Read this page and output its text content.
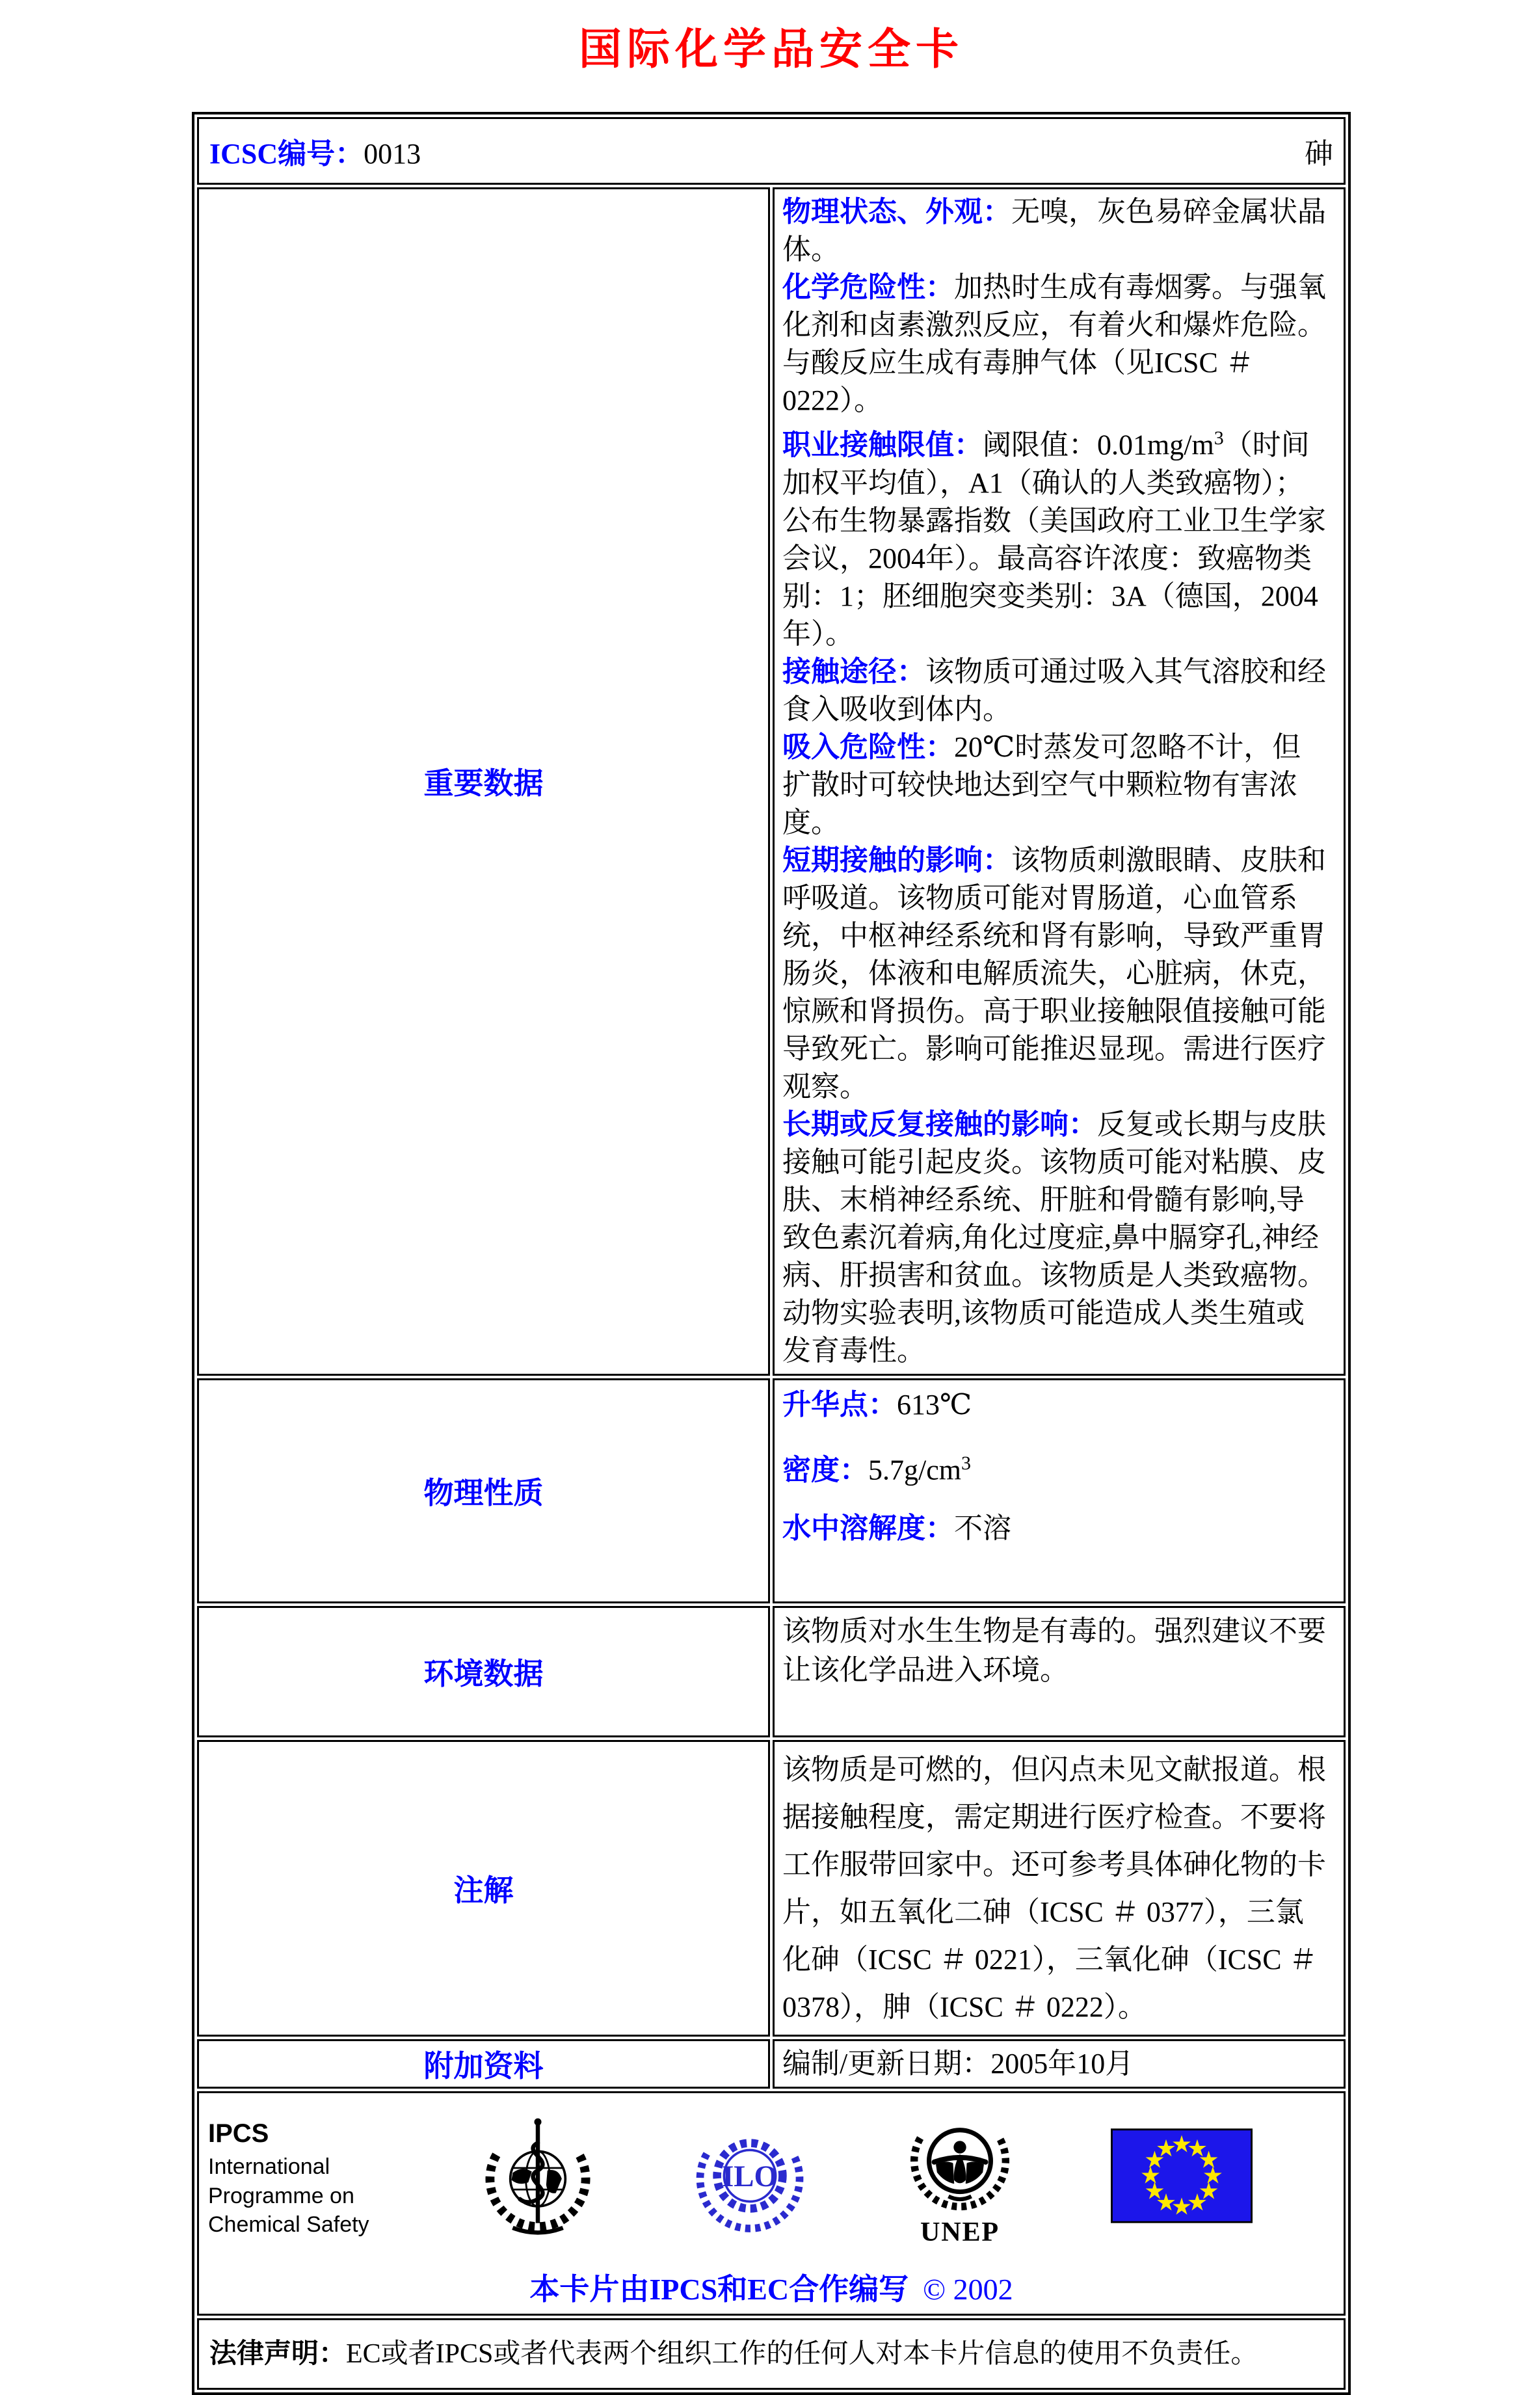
国际化学品安全卡
ICSC编号：0013 砷	

重要数据	

物理状态、外观：无嗅，灰色易碎金属状晶体。

化学危险性：加热时生成有毒烟雾。与强氧化剂和卤素激烈反应，有着火和爆炸危险。与酸反应生成有毒胂气体（见ICSC ＃ 0222）。

职业接触限值：阈限值：$0.01mg/m^3$（时间加权平均值），A1（确认的人类致癌物）；公布生物暴露指数（美国政府工业卫生学家会议，2004年）。最高容许浓度：致癌物类别：1；胚细胞突变类别：3A（德国，2004年）。

接触途径：该物质可通过吸入其气溶胶和经食入吸收到体内。

吸入危险性：20℃时蒸发可忽略不计，但扩散时可较快地达到空气中颗粒物有害浓度。

短期接触的影响：该物质刺激眼睛、皮肤和呼吸道。该物质可能对胃肠道，心血管系统，中枢神经系统和肾有影响，导致严重胃肠炎，体液和电解质流失，心脏病，休克，惊厥和肾损伤。高于职业接触限值接触可能导致死亡。影响可能推迟显现。需进行医疗观察。

长期或反复接触的影响：反复或长期与皮肤接触可能引起皮炎。该物质可能对粘膜、皮肤、末梢神经系统、肝脏和骨髓有影响,导致色素沉着病,角化过度症,鼻中膈穿孔,神经病、肝损害和贫血。该物质是人类致癌物。动物实验表明,该物质可能造成人类生殖或发育毒性。

物理性质	升华点：613℃

密度：$5.7g/cm^3$

水中溶解度：不溶

环境数据	该物质对水生生物是有毒的。强烈建议不要让该化学品进入环境。

注解	该物质是可燃的，但闪点未见文献报道。根据接触程度，需定期进行医疗检查。不要将工作服带回家中。还可参考具体砷化物的卡片，如五氧化二砷（ICSC ＃ 0377），三氯化砷（ICSC ＃ 0221），三氧化砷（ICSC ＃ 0378），胂（ICSC ＃ 0222）。

附加资料	编制/更新日期：2005年10月

IPCS
International
Programme on
Chemical Safety
ILO
UNEP
本卡片由IPCS和EC合作编写 © 2002

法律声明：EC或者IPCS或者代表两个组织工作的任何人对本卡片信息的使用不负责任。	
